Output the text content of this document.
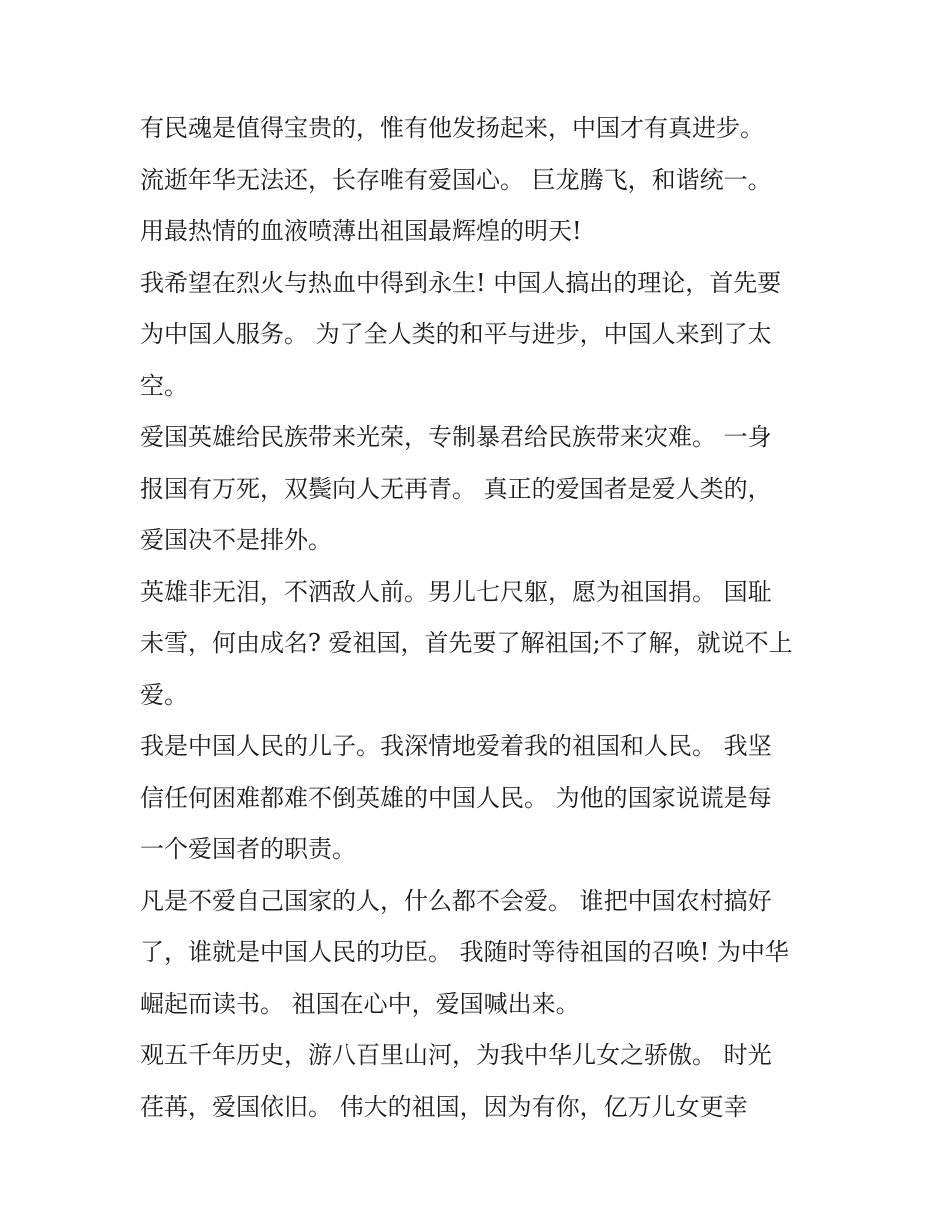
有民魂是值得宝贵的，惟有他发扬起来，中国才有真进步。
流逝年华无法还，长存唯有爱国心。 巨龙腾飞，和谐统一。
用最热情的血液喷薄出祖国最辉煌的明天!
我希望在烈火与热血中得到永生! 中国人搞出的理论，首先要
为中国人服务。 为了全人类的和平与进步，中国人来到了太
空。
爱国英雄给民族带来光荣，专制暴君给民族带来灾难。 一身
报国有万死，双鬓向人无再青。 真正的爱国者是爱人类的，
爱国决不是排外。
英雄非无泪，不洒敌人前。男儿七尺躯，愿为祖国捐。 国耻
未雪，何由成名? 爱祖国，首先要了解祖国;不了解，就说不上
爱。
我是中国人民的儿子。我深情地爱着我的祖国和人民。 我坚
信任何困难都难不倒英雄的中国人民。 为他的国家说谎是每
一个爱国者的职责。
凡是不爱自己国家的人，什么都不会爱。 谁把中国农村搞好
了，谁就是中国人民的功臣。 我随时等待祖国的召唤! 为中华
崛起而读书。 祖国在心中，爱国喊出来。
观五千年历史，游八百里山河，为我中华儿女之骄傲。 时光
荏苒，爱国依旧。 伟大的祖国，因为有你，亿万儿女更幸
